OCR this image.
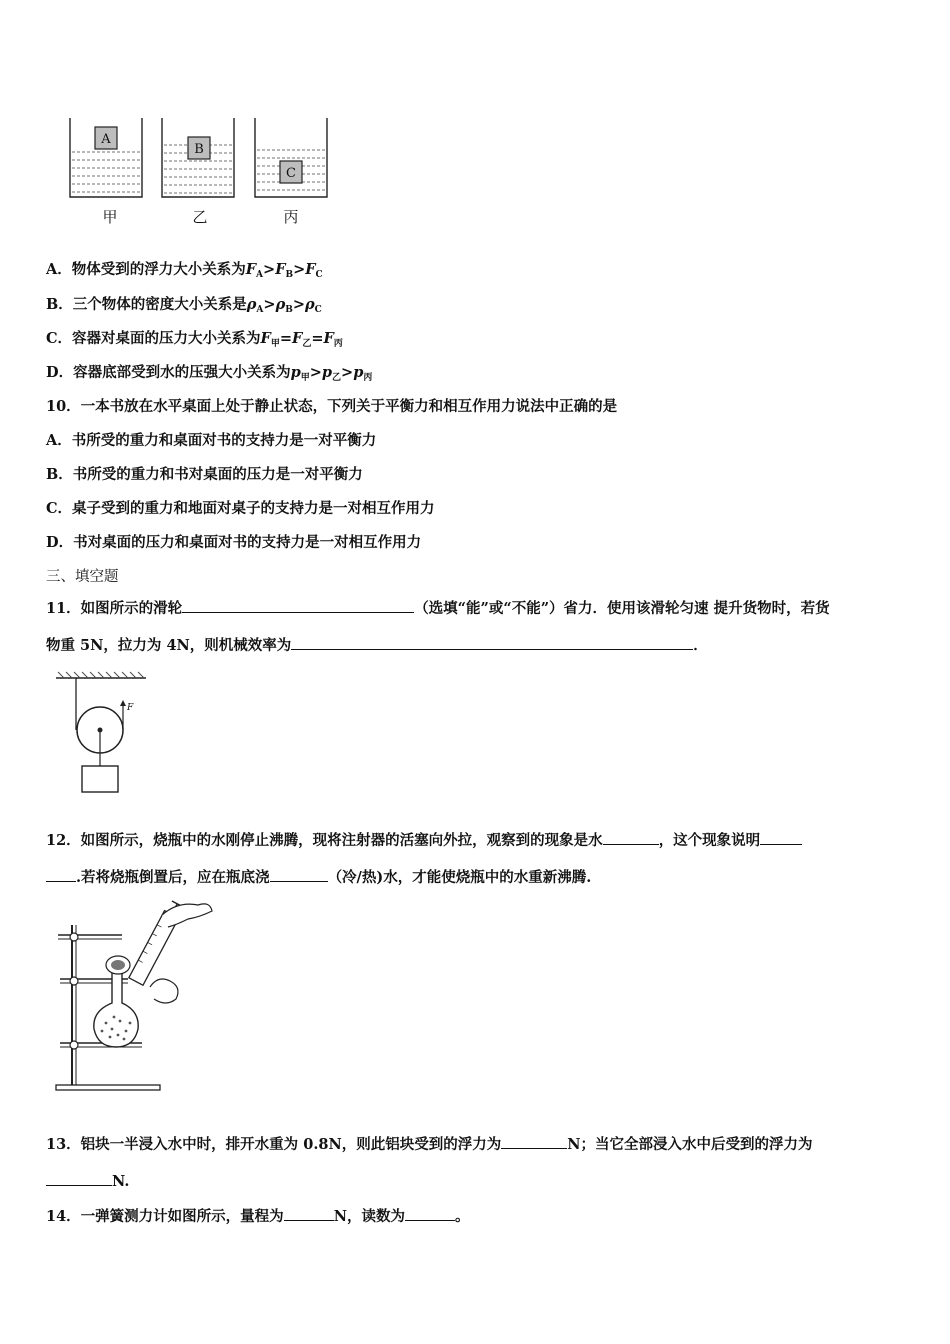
A
B
C
甲	乙	丙
A．物体受到的浮力大小关系为$F_A>F_B>F_C$
B．三个物体的密度大小关系是$\rho_A>\rho_B>\rho_C$
C．容器对桌面的压力大小关系为$F_甲=F_乙=F_丙$
D．容器底部受到水的压强大小关系为$p_甲>p_乙>p_丙$
10．一本书放在水平桌面上处于静止状态，下列关于平衡力和相互作用力说法中正确的是
A．书所受的重力和桌面对书的支持力是一对平衡力
B．书所受的重力和书对桌面的压力是一对平衡力
C．桌子受到的重力和地面对桌子的支持力是一对相互作用力
D．书对桌面的压力和桌面对书的支持力是一对相互作用力
三、填空题
11．如图所示的滑轮	（选填“能”或“不能”）省力．使用该滑轮匀速 提升货物时，若货
物重 5N，拉力为 4N，则机械效率为	．
F
12．如图所示，烧瓶中的水刚停止沸腾，现将注射器的活塞向外拉，观察到的现象是水	，这个现象说明
.若将烧瓶倒置后，应在瓶底浇	（冷/热)水，才能使烧瓶中的水重新沸腾.
13．铝块一半浸入水中时，排开水重为 0.8N，则此铝块受到的浮力为	N；当它全部浸入水中后受到的浮力为
N.
14．一弹簧测力计如图所示，量程为	N，读数为	。
